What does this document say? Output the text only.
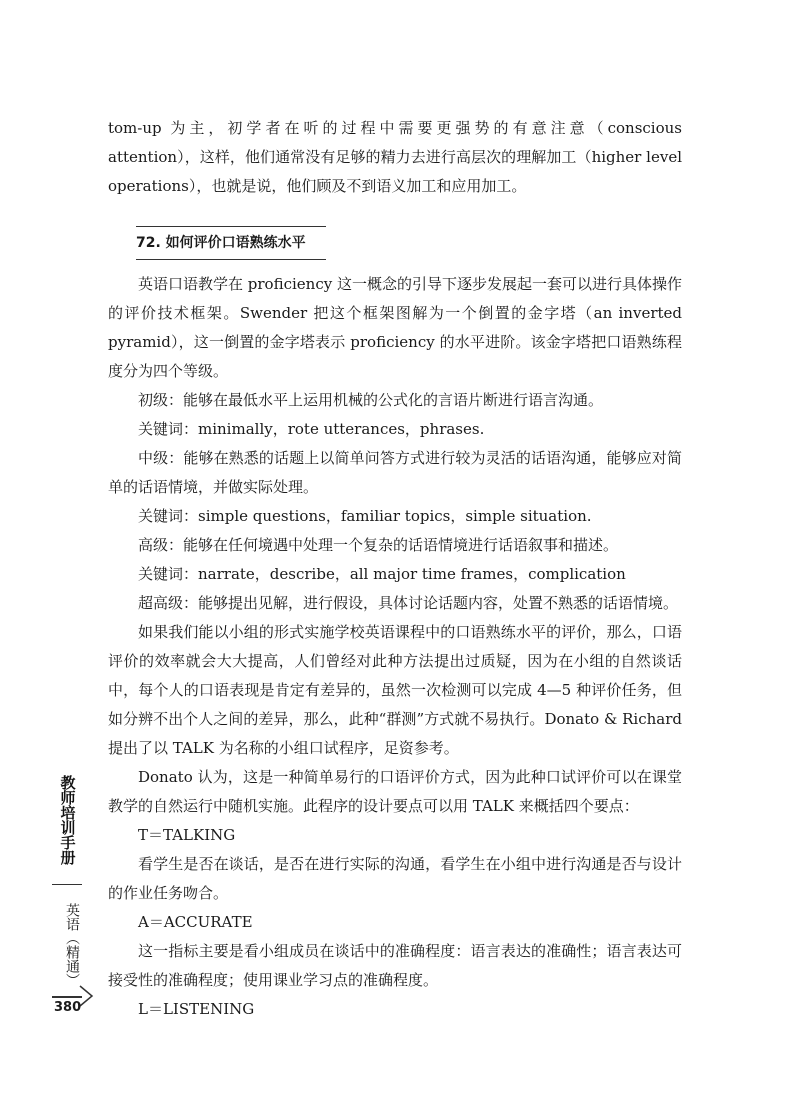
tom-up 为主，初学者在听的过程中需要更强势的有意注意（conscious attention），这样，他们通常没有足够的精力去进行高层次的理解加工（higher level operations），也就是说，他们顾及不到语义加工和应用加工。

72. 如何评价口语熟练水平

英语口语教学在 proficiency 这一概念的引导下逐步发展起一套可以进行具体操作的评价技术框架。Swender 把这个框架图解为一个倒置的金字塔（an inverted pyramid），这一倒置的金字塔表示 proficiency 的水平进阶。该金字塔把口语熟练程度分为四个等级。

初级：能够在最低水平上运用机械的公式化的言语片断进行语言沟通。

关键词：minimally，rote utterances，phrases.

中级：能够在熟悉的话题上以简单问答方式进行较为灵活的话语沟通，能够应对简单的话语情境，并做实际处理。

关键词：simple questions，familiar topics，simple situation.

高级：能够在任何境遇中处理一个复杂的话语情境进行话语叙事和描述。

关键词：narrate，describe，all major time frames，complication

超高级：能够提出见解，进行假设，具体讨论话题内容，处置不熟悉的话语情境。

如果我们能以小组的形式实施学校英语课程中的口语熟练水平的评价，那么，口语评价的效率就会大大提高，人们曾经对此种方法提出过质疑，因为在小组的自然谈话中，每个人的口语表现是肯定有差异的，虽然一次检测可以完成 4—5 种评价任务，但如分辨不出个人之间的差异，那么，此种“群测”方式就不易执行。Donato & Richard 提出了以 TALK 为名称的小组口试程序，足资参考。

Donato 认为，这是一种简单易行的口语评价方式，因为此种口试评价可以在课堂教学的自然运行中随机实施。此程序的设计要点可以用 TALK 来概括四个要点：

T＝TALKING

看学生是否在谈话，是否在进行实际的沟通，看学生在小组中进行沟通是否与设计的作业任务吻合。

A＝ACCURATE

这一指标主要是看小组成员在谈话中的准确程度：语言表达的准确性；语言表达可接受性的准确程度；使用课业学习点的准确程度。

L＝LISTENING

教师培训手册
英语（精通）
380
